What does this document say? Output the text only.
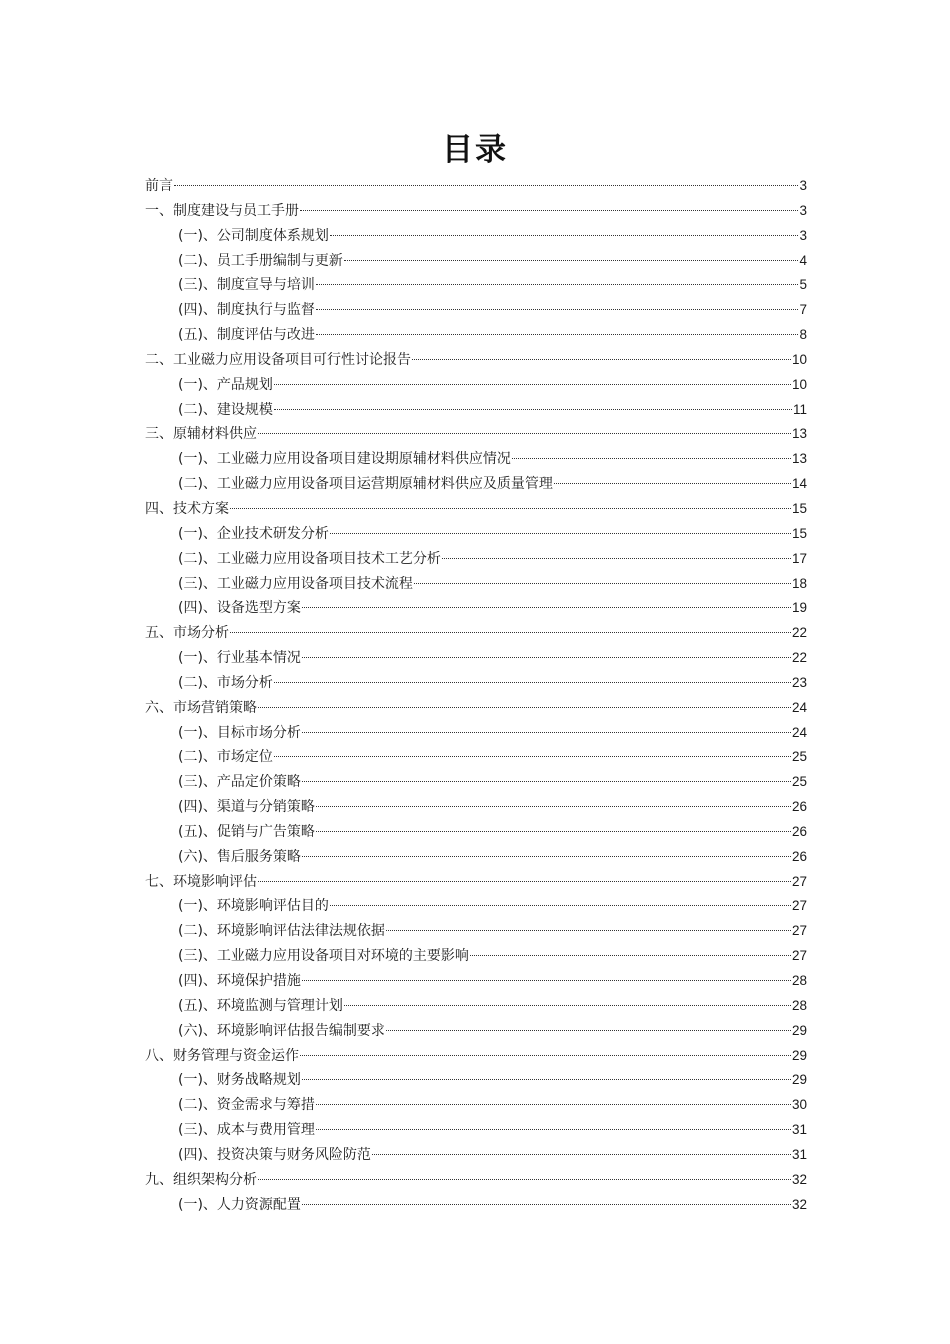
目录
前言	3
一、制度建设与员工手册	3
(一)、公司制度体系规划	3
(二)、员工手册编制与更新	4
(三)、制度宣导与培训	5
(四)、制度执行与监督	7
(五)、制度评估与改进	8
二、工业磁力应用设备项目可行性讨论报告	10
(一)、产品规划	10
(二)、建设规模	11
三、原辅材料供应	13
(一)、工业磁力应用设备项目建设期原辅材料供应情况	13
(二)、工业磁力应用设备项目运营期原辅材料供应及质量管理	14
四、技术方案	15
(一)、企业技术研发分析	15
(二)、工业磁力应用设备项目技术工艺分析	17
(三)、工业磁力应用设备项目技术流程	18
(四)、设备选型方案	19
五、市场分析	22
(一)、行业基本情况	22
(二)、市场分析	23
六、市场营销策略	24
(一)、目标市场分析	24
(二)、市场定位	25
(三)、产品定价策略	25
(四)、渠道与分销策略	26
(五)、促销与广告策略	26
(六)、售后服务策略	26
七、环境影响评估	27
(一)、环境影响评估目的	27
(二)、环境影响评估法律法规依据	27
(三)、工业磁力应用设备项目对环境的主要影响	27
(四)、环境保护措施	28
(五)、环境监测与管理计划	28
(六)、环境影响评估报告编制要求	29
八、财务管理与资金运作	29
(一)、财务战略规划	29
(二)、资金需求与筹措	30
(三)、成本与费用管理	31
(四)、投资决策与财务风险防范	31
九、组织架构分析	32
(一)、人力资源配置	32
